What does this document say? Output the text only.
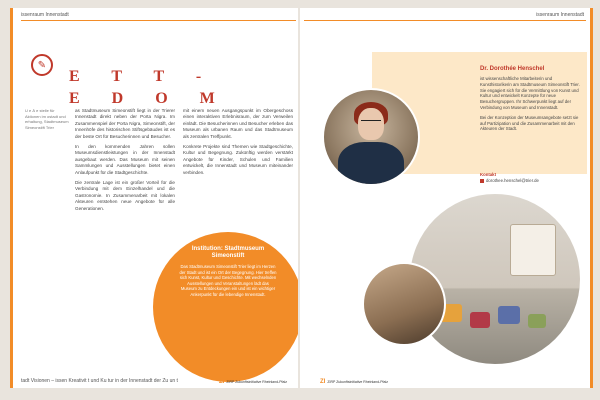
issenraum Innenstadt
✎
E T T -
E D O M
U e Ä e stelle für Aktionen im ostadt und erhaltung, Stadtmuseum Simeonstift Trier

as Stadtmuseum Simeonstift liegt in der Trierer Innenstadt direkt neben der Porta Nigra. Im Zusammenspiel der Porta Nigra, Simeonstift, der Innenhöfe des historischen Stiftsgebäudes ist es der beste Ort für Besucherinnen und Besucher.

In den kommenden Jahren sollen Museumsdienstleistungen in der Innenstadt ausgebaut werden. Das Museum mit seinen Sammlungen und Ausstellungen bietet einen Anlaufpunkt für die Stadtgeschichte.

Die zentrale Lage ist ein großer Vorteil für die Verbindung mit dem Einzelhandel und die Gastronomie. In Zusammenarbeit mit lokalen Akteuren entstehen neue Angebote für alle Generationen.

mit einem neuen Ausgangspunkt im Obergeschoss einen interaktiven Erlebnisraum, der zum Verweilen einlädt. Die Besucherinnen und Besucher erleben das Museum als urbanen Raum und das Stadtmuseum als zentralen Treffpunkt.

Konkrete Projekte sind Themen wie Stadtgeschichte, Kultur und Begegnung. Zukünftig werden verstärkt Angebote für Kinder, Schulen und Familien entwickelt, die Innenstadt und Museum miteinander verbinden.

Institution: Stadtmuseum Simeonstift
Das Stadtmuseum Simeonstift Trier liegt im Herzen der Stadt und ist ein Ort der Begegnung. Hier treffen sich Kunst, Kultur und Geschichte. Mit wechselnden Ausstellungen und Veranstaltungen lädt das Museum zu Entdeckungen ein und ist ein wichtiger Ankerpunkt für die lebendige Innenstadt.
tadt Visionen – issen Kreativit t und Ku tur in der Innenstadt der Zu un t	ZI ZIRP Zukunftsinitiative Rheinland-Pfalz
issenraum Innenstadt
Dr. Dorothée Henschel
ist wissenschaftliche Mitarbeiterin und Kunsthistorikerin am Stadtmuseum Simeonstift Trier. Sie engagiert sich für die Vermittlung von Kunst und Kultur und entwickelt Konzepte für neue Besuchergruppen. Ihr Schwerpunkt liegt auf der Verbindung von Museum und Innenstadt.
Bei der Konzeption der Museumsangebote setzt sie auf Partizipation und die Zusammenarbeit mit den Akteuren der Stadt.
Kontakt
dorothee.henschel@trier.de
ZI ZIRP Zukunftsinitiative Rheinland-Pfalz
